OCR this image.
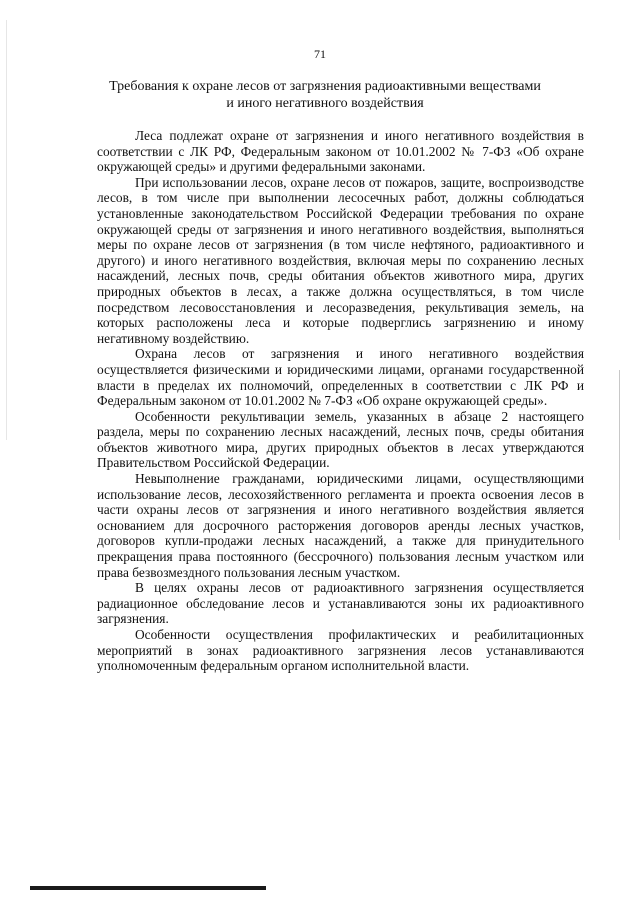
71
Требования к охране лесов от загрязнения радиоактивными веществами
и иного негативного воздействия

Леса подлежат охране от загрязнения и иного негативного воздействия в соответствии с ЛК РФ, Федеральным законом от 10.01.2002 № 7-ФЗ «Об охране окружающей среды» и другими федеральными законами.

При использовании лесов, охране лесов от пожаров, защите, воспроизводстве лесов, в том числе при выполнении лесосечных работ, должны соблюдаться установленные законодательством Российской Федерации требования по охране окружающей среды от загрязнения и иного негативного воздействия, выполняться меры по охране лесов от загрязнения (в том числе нефтяного, радиоактивного и другого) и иного негативного воздействия, включая меры по сохранению лесных насаждений, лесных почв, среды обитания объектов животного мира, других природных объектов в лесах, а также должна осуществляться, в том числе посредством лесовосстановления и лесоразведения, рекультивация земель, на которых расположены леса и которые подверглись загрязнению и иному негативному воздействию.

Охрана лесов от загрязнения и иного негативного воздействия осуществляется физическими и юридическими лицами, органами государственной власти в пределах их полномочий, определенных в соответствии с ЛК РФ и Федеральным законом от 10.01.2002 № 7-ФЗ «Об охране окружающей среды».

Особенности рекультивации земель, указанных в абзаце 2 настоящего раздела, меры по сохранению лесных насаждений, лесных почв, среды обитания объектов животного мира, других природных объектов в лесах утверждаются Правительством Российской Федерации.

Невыполнение гражданами, юридическими лицами, осуществляющими использование лесов, лесохозяйственного регламента и проекта освоения лесов в части охраны лесов от загрязнения и иного негативного воздействия является основанием для досрочного расторжения договоров аренды лесных участков, договоров купли-продажи лесных насаждений, а также для принудительного прекращения права постоянного (бессрочного) пользования лесным участком или права безвозмездного пользования лесным участком.

В целях охраны лесов от радиоактивного загрязнения осуществляется радиационное обследование лесов и устанавливаются зоны их радиоактивного загрязнения.

Особенности осуществления профилактических и реабилитационных мероприятий в зонах радиоактивного загрязнения лесов устанавливаются уполномоченным федеральным органом исполнительной власти.
